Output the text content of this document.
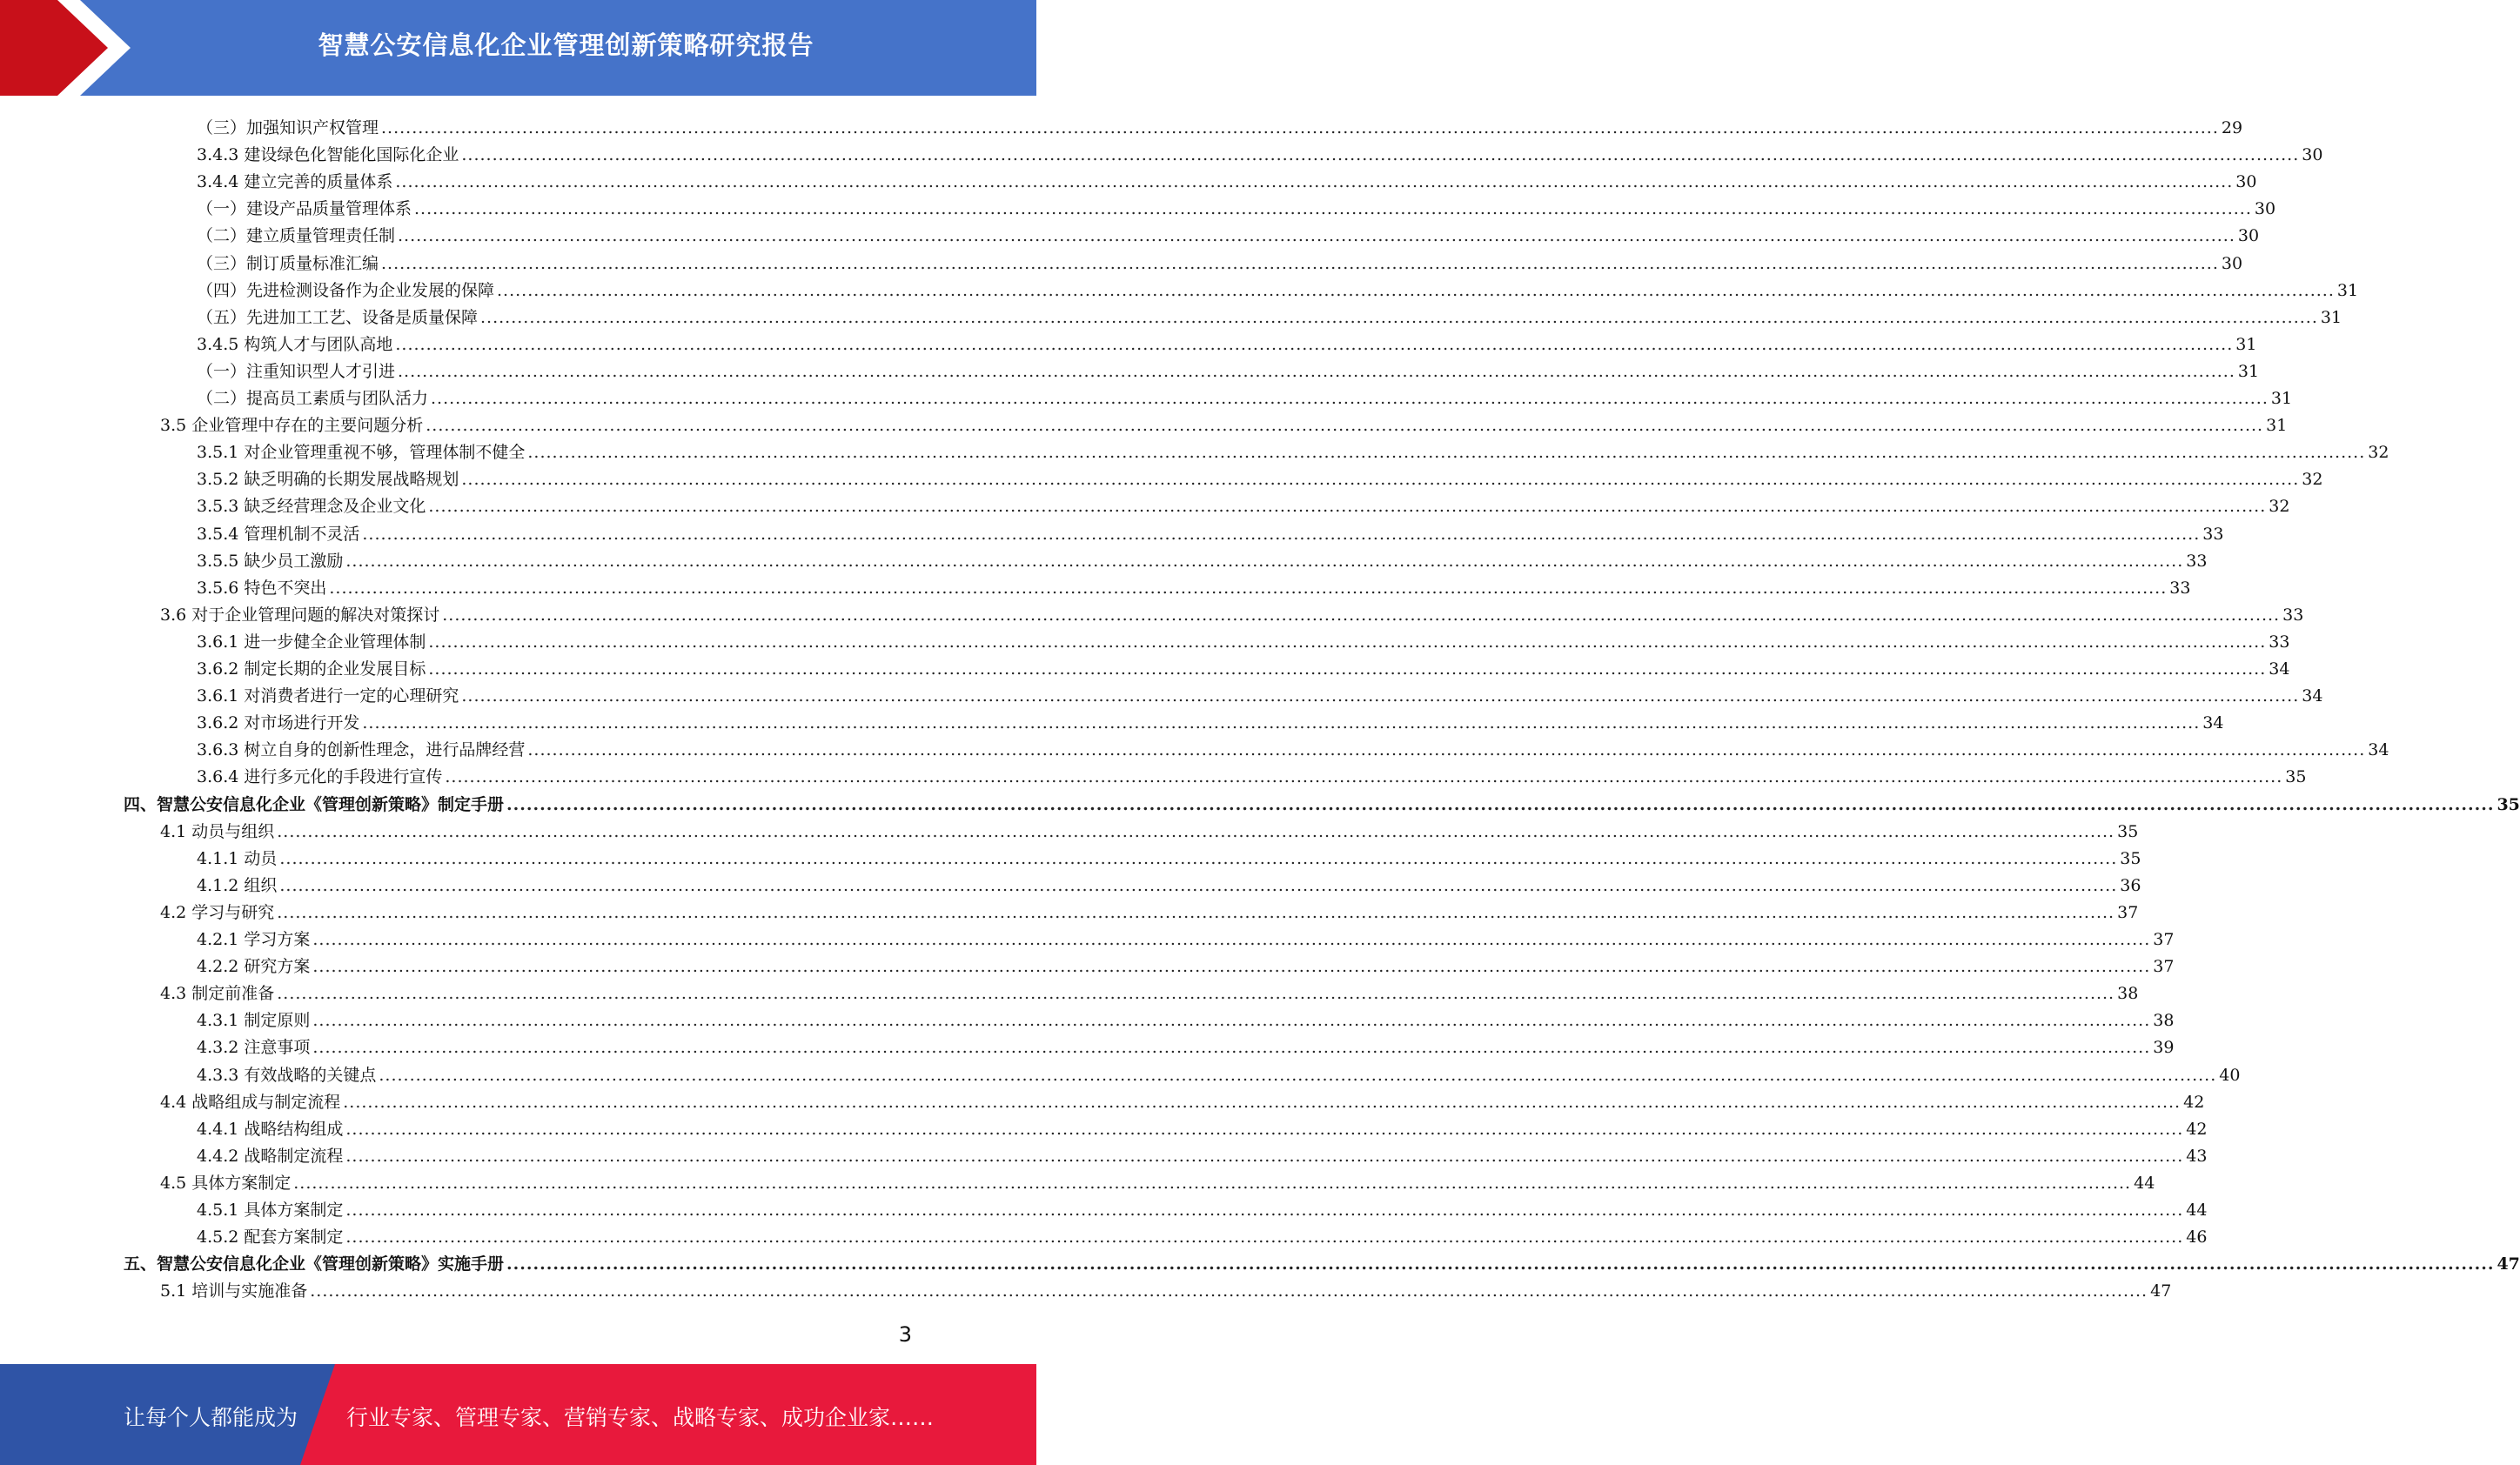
智慧公安信息化企业管理创新策略研究报告
（三）加强知识产权管理 ............................................................................................................................................................................................................................................................................................................ 29
3.4.3 建设绿色化智能化国际化企业 ............................................................................................................................................................................................................................................................................................................ 30
3.4.4 建立完善的质量体系 ............................................................................................................................................................................................................................................................................................................ 30
（一）建设产品质量管理体系 ............................................................................................................................................................................................................................................................................................................ 30
（二）建立质量管理责任制 ............................................................................................................................................................................................................................................................................................................ 30
（三）制订质量标准汇编 ............................................................................................................................................................................................................................................................................................................ 30
（四）先进检测设备作为企业发展的保障 ............................................................................................................................................................................................................................................................................................................ 31
（五）先进加工工艺、设备是质量保障 ............................................................................................................................................................................................................................................................................................................ 31
3.4.5 构筑人才与团队高地 ............................................................................................................................................................................................................................................................................................................ 31
（一）注重知识型人才引进 ............................................................................................................................................................................................................................................................................................................ 31
（二）提高员工素质与团队活力 ............................................................................................................................................................................................................................................................................................................ 31
3.5 企业管理中存在的主要问题分析 ............................................................................................................................................................................................................................................................................................................ 31
3.5.1 对企业管理重视不够，管理体制不健全 ............................................................................................................................................................................................................................................................................................................ 32
3.5.2 缺乏明确的长期发展战略规划 ............................................................................................................................................................................................................................................................................................................ 32
3.5.3 缺乏经营理念及企业文化 ............................................................................................................................................................................................................................................................................................................ 32
3.5.4 管理机制不灵活 ............................................................................................................................................................................................................................................................................................................ 33
3.5.5 缺少员工激励 ............................................................................................................................................................................................................................................................................................................ 33
3.5.6 特色不突出 ............................................................................................................................................................................................................................................................................................................ 33
3.6 对于企业管理问题的解决对策探讨 ............................................................................................................................................................................................................................................................................................................ 33
3.6.1 进一步健全企业管理体制 ............................................................................................................................................................................................................................................................................................................ 33
3.6.2 制定长期的企业发展目标 ............................................................................................................................................................................................................................................................................................................ 34
3.6.1 对消费者进行一定的心理研究 ............................................................................................................................................................................................................................................................................................................ 34
3.6.2 对市场进行开发 ............................................................................................................................................................................................................................................................................................................ 34
3.6.3 树立自身的创新性理念，进行品牌经营 ............................................................................................................................................................................................................................................................................................................ 34
3.6.4 进行多元化的手段进行宣传 ............................................................................................................................................................................................................................................................................................................ 35
四、智慧公安信息化企业《管理创新策略》制定手册 ............................................................................................................................................................................................................................................................................................................ 35
4.1 动员与组织 ............................................................................................................................................................................................................................................................................................................ 35
4.1.1 动员 ............................................................................................................................................................................................................................................................................................................ 35
4.1.2 组织 ............................................................................................................................................................................................................................................................................................................ 36
4.2 学习与研究 ............................................................................................................................................................................................................................................................................................................ 37
4.2.1 学习方案 ............................................................................................................................................................................................................................................................................................................ 37
4.2.2 研究方案 ............................................................................................................................................................................................................................................................................................................ 37
4.3 制定前准备 ............................................................................................................................................................................................................................................................................................................ 38
4.3.1 制定原则 ............................................................................................................................................................................................................................................................................................................ 38
4.3.2 注意事项 ............................................................................................................................................................................................................................................................................................................ 39
4.3.3 有效战略的关键点 ............................................................................................................................................................................................................................................................................................................ 40
4.4 战略组成与制定流程 ............................................................................................................................................................................................................................................................................................................ 42
4.4.1 战略结构组成 ............................................................................................................................................................................................................................................................................................................ 42
4.4.2 战略制定流程 ............................................................................................................................................................................................................................................................................................................ 43
4.5 具体方案制定 ............................................................................................................................................................................................................................................................................................................ 44
4.5.1 具体方案制定 ............................................................................................................................................................................................................................................................................................................ 44
4.5.2 配套方案制定 ............................................................................................................................................................................................................................................................................................................ 46
五、智慧公安信息化企业《管理创新策略》实施手册 ............................................................................................................................................................................................................................................................................................................ 47
5.1 培训与实施准备 ............................................................................................................................................................................................................................................................................................................ 47
3
让每个人都能成为 行业专家、管理专家、营销专家、战略专家、成功企业家……
